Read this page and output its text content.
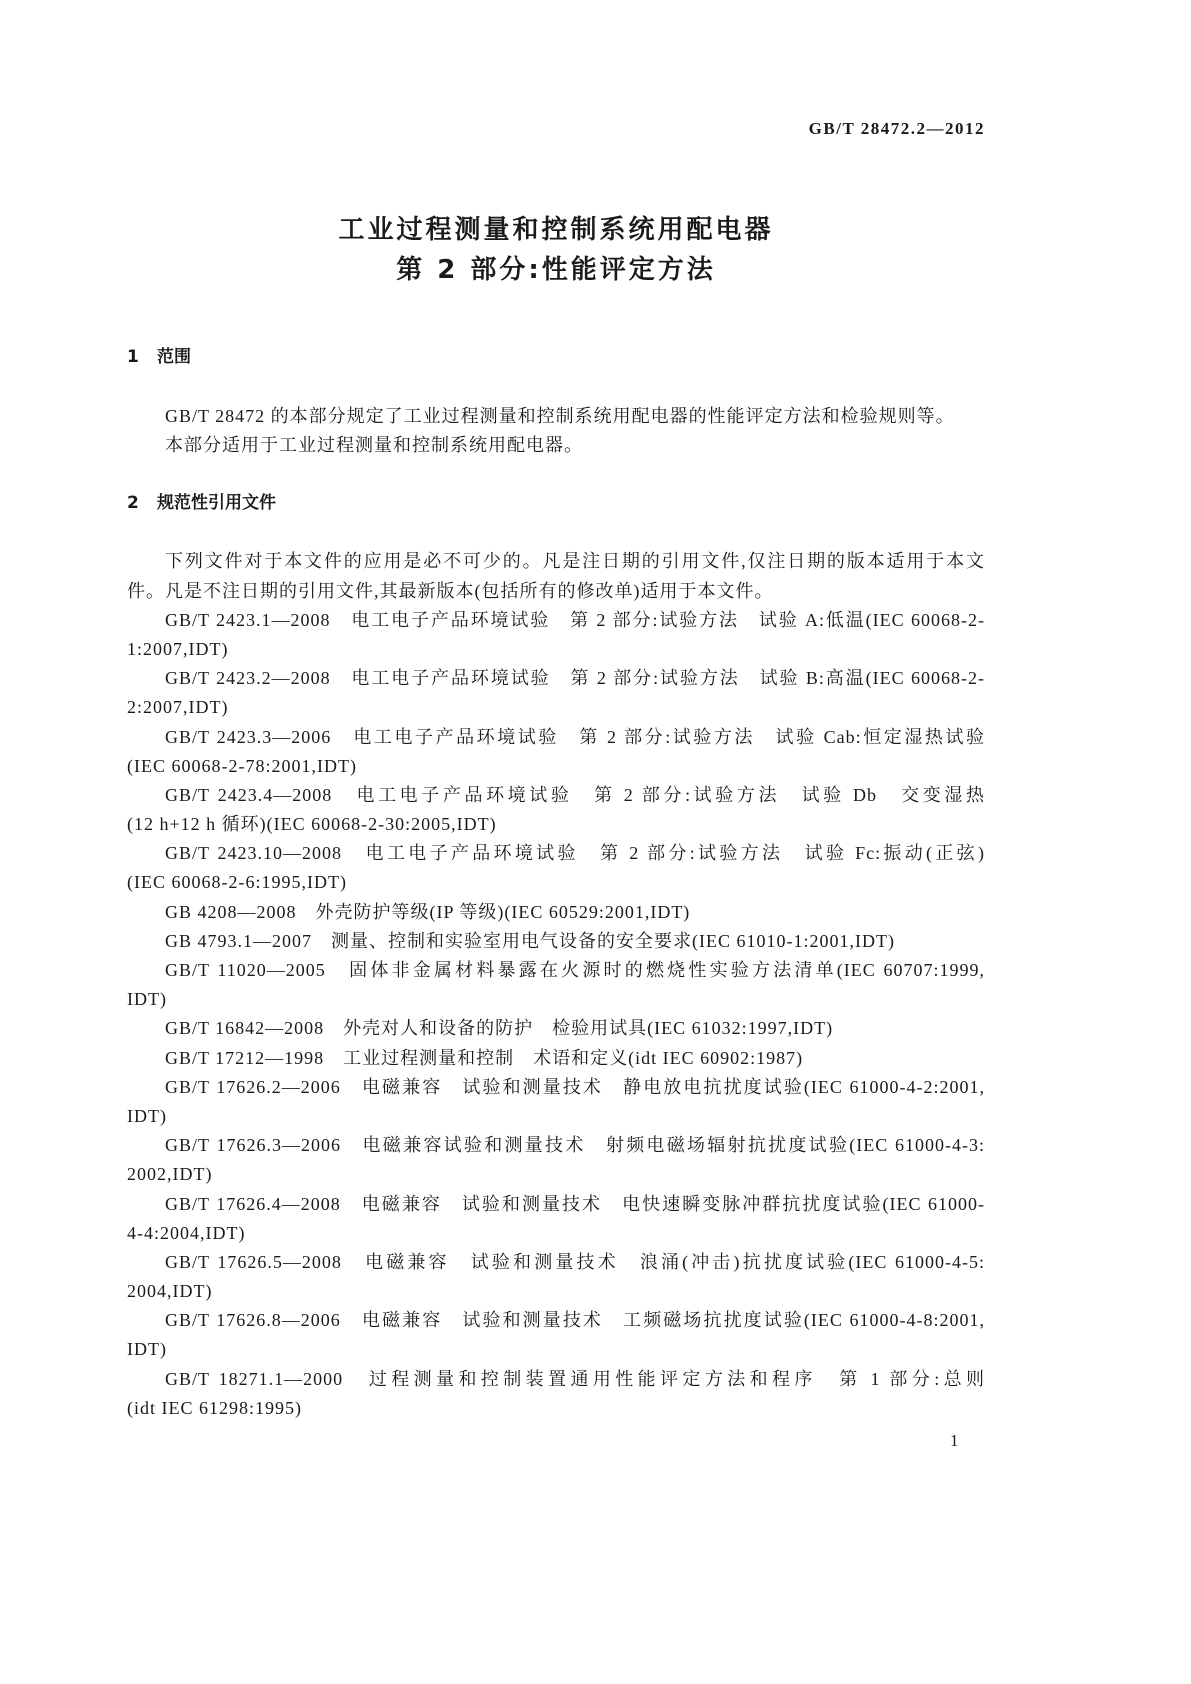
GB/T 28472.2—2012
工业过程测量和控制系统用配电器
第 2 部分:性能评定方法
1 范围
GB/T 28472 的本部分规定了工业过程测量和控制系统用配电器的性能评定方法和检验规则等。
本部分适用于工业过程测量和控制系统用配电器。
2 规范性引用文件
下列文件对于本文件的应用是必不可少的。凡是注日期的引用文件,仅注日期的版本适用于本文
件。凡是不注日期的引用文件,其最新版本(包括所有的修改单)适用于本文件。
GB/T 2423.1—2008　电工电子产品环境试验　第 2 部分:试验方法　试验 A:低温(IEC 60068-2-
1:2007,IDT)
GB/T 2423.2—2008　电工电子产品环境试验　第 2 部分:试验方法　试验 B:高温(IEC 60068-2-
2:2007,IDT)
GB/T 2423.3—2006　电工电子产品环境试验　第 2 部分:试验方法　试验 Cab:恒定湿热试验
(IEC 60068-2-78:2001,IDT)
GB/T 2423.4—2008　电工电子产品环境试验　第 2 部分:试验方法　试验 Db　交变湿热
(12 h+12 h 循环)(IEC 60068-2-30:2005,IDT)
GB/T 2423.10—2008　电工电子产品环境试验　第 2 部分:试验方法　试验 Fc:振动(正弦)
(IEC 60068-2-6:1995,IDT)
GB 4208—2008　外壳防护等级(IP 等级)(IEC 60529:2001,IDT)
GB 4793.1—2007　测量、控制和实验室用电气设备的安全要求(IEC 61010-1:2001,IDT)
GB/T 11020—2005　固体非金属材料暴露在火源时的燃烧性实验方法清单(IEC 60707:1999,
IDT)
GB/T 16842—2008　外壳对人和设备的防护　检验用试具(IEC 61032:1997,IDT)
GB/T 17212—1998　工业过程测量和控制　术语和定义(idt IEC 60902:1987)
GB/T 17626.2—2006　电磁兼容　试验和测量技术　静电放电抗扰度试验(IEC 61000-4-2:2001,
IDT)
GB/T 17626.3—2006　电磁兼容试验和测量技术　射频电磁场辐射抗扰度试验(IEC 61000-4-3:
2002,IDT)
GB/T 17626.4—2008　电磁兼容　试验和测量技术　电快速瞬变脉冲群抗扰度试验(IEC 61000-
4-4:2004,IDT)
GB/T 17626.5—2008　电磁兼容　试验和测量技术　浪涌(冲击)抗扰度试验(IEC 61000-4-5:
2004,IDT)
GB/T 17626.8—2006　电磁兼容　试验和测量技术　工频磁场抗扰度试验(IEC 61000-4-8:2001,
IDT)
GB/T 18271.1—2000　过程测量和控制装置通用性能评定方法和程序　第 1 部分:总则
(idt IEC 61298:1995)
1
